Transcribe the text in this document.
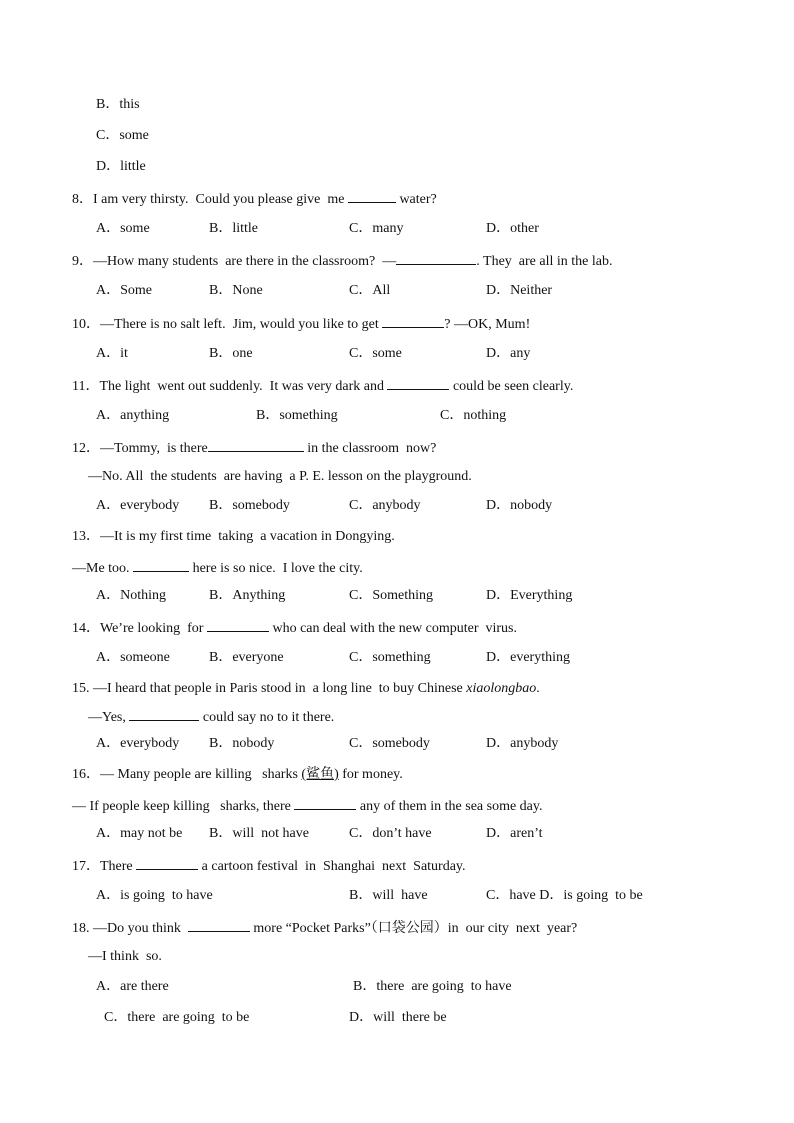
B．this
C．some
D．little
8．I am very thirsty.  Could you please give  me	water?
A．some	B．little	C．many	D．other
9．—How many students  are there in the classroom?  —	. They  are all in the lab.
A．Some	B．None	C．All	D．Neither
10．—There is no salt left.  Jim, would you like to get	? —OK, Mum!
A．it	B．one	C．some	D．any
11．The light  went out suddenly.  It was very dark and	could be seen clearly.
A．anything	B．something	C．nothing
12．—Tommy,  is there	in the classroom  now?
—No. All  the students  are having  a P. E. lesson on the playground.
A．everybody B．somebody	C．anybody	D．nobody
13．—It is my first time  taking  a vacation in Dongying.
—Me too.	here is so nice.  I love the city.
A．Nothing	B．Anything	C．Something	D．Everything
14．We’re looking  for	who can deal with the new computer  virus.
A．someone	B．everyone	C．something	D．everything
15. —I heard that people in Paris stood in  a long line  to buy Chinese xiaolongbao.
—Yes,	could say no to it there.
A．everybody B．nobody	C．somebody	D．anybody
16．— Many people are killing   sharks (鲨鱼) for money.
— If people keep killing   sharks, there	any of them in the sea some day.
A．may not be B．will  not have	C．don’t have	D．aren’t
17．There	a cartoon festival  in  Shanghai  next  Saturday.
A．is going  to have	B．will  have	C．have D．is going  to be
18. —Do you think	more “Pocket Parks”（口袋公园）in  our city  next  year?
—I think  so.
A．are there	B．there  are going  to have
C．there  are going  to be	D．will  there be
